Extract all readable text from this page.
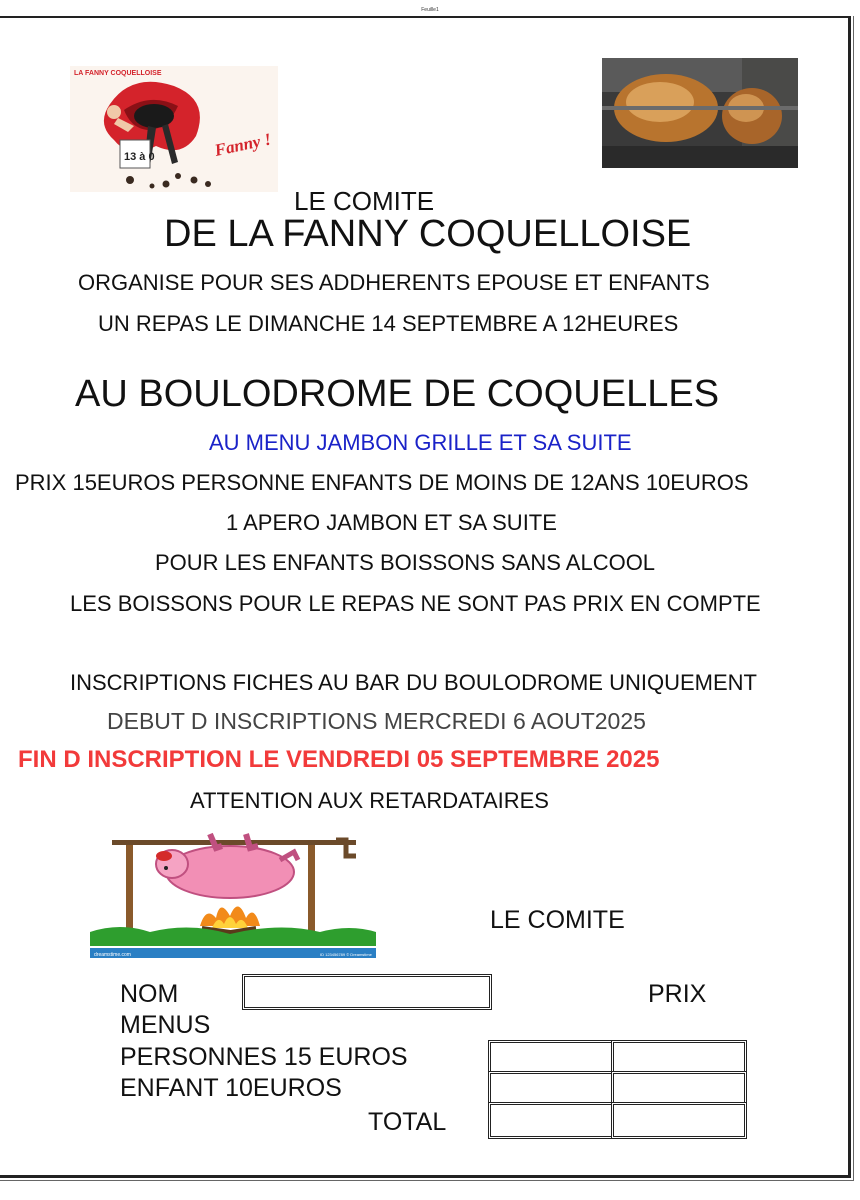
Feuille1
LA FANNY COQUELLOISE
13 à 0	Fanny !
LE COMITE
DE LA FANNY COQUELLOISE
ORGANISE POUR SES ADDHERENTS EPOUSE ET ENFANTS
UN REPAS LE DIMANCHE 14 SEPTEMBRE A 12HEURES
AU BOULODROME DE COQUELLES
AU MENU JAMBON GRILLE ET SA SUITE
PRIX 15EUROS PERSONNE ENFANTS DE MOINS DE 12ANS 10EUROS
1 APERO JAMBON ET SA SUITE
POUR LES ENFANTS BOISSONS SANS ALCOOL
LES BOISSONS POUR LE REPAS NE SONT PAS PRIX EN COMPTE
INSCRIPTIONS FICHES AU BAR DU BOULODROME UNIQUEMENT
DEBUT D INSCRIPTIONS MERCREDI 6 AOUT2025
FIN D INSCRIPTION LE VENDREDI 05 SEPTEMBRE 2025
ATTENTION AUX RETARDATAIRES
dreamstime.com	ID 123456789 © Dreamstime
LE COMITE
NOM	PRIX
MENUS
PERSONNES 15 EUROS
ENFANT 10EUROS
TOTAL
